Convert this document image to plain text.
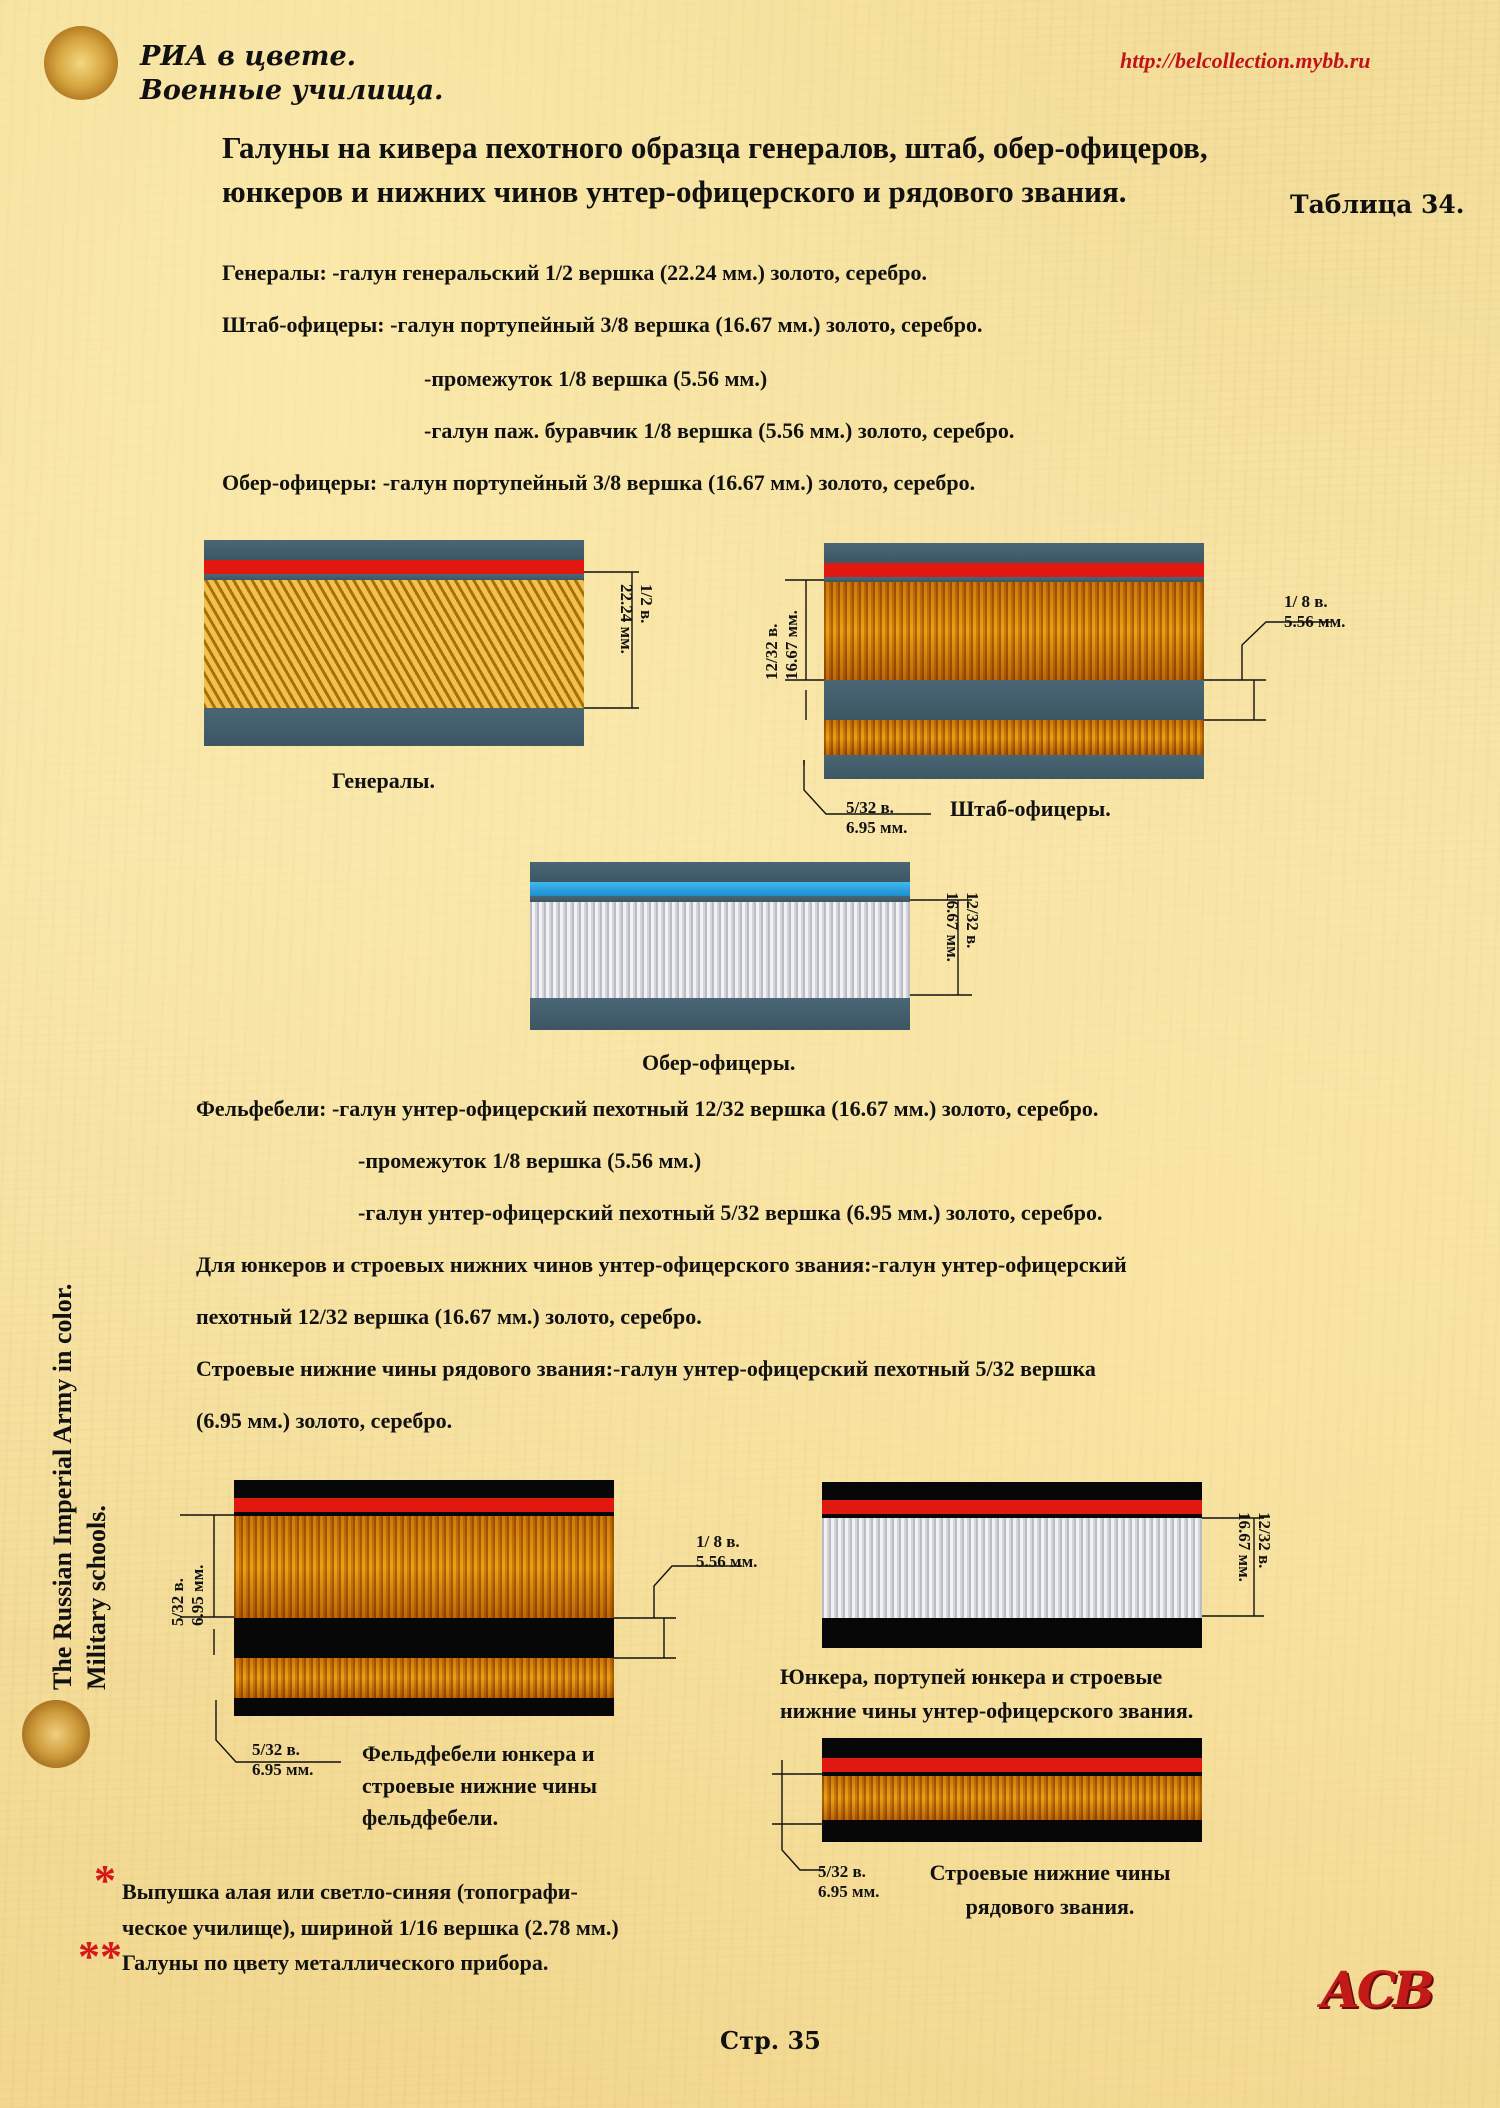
РИА в цвете.
Военные училища.
http://belcollection.mybb.ru
Галуны на кивера пехотного образца генералов, штаб, обер-офицеров,
юнкеров и нижних чинов унтер-офицерского и рядового звания.	Таблица 34.
Генералы: -галун генеральский 1/2 вершка (22.24 мм.) золото, серебро.
Штаб-офицеры: -галун портупейный 3/8 вершка (16.67 мм.) золото, серебро.
-промежуток 1/8 вершка (5.56 мм.)
-галун паж. буравчик 1/8 вершка (5.56 мм.) золото, серебро.
Обер-офицеры: -галун портупейный 3/8 вершка (16.67 мм.) золото, серебро.
1/2 в.
22.24 мм.
Генералы.
12/32 в. 16.67 мм.
1/ 8 в.
5.56 мм.
5/32 в.
6.95 мм.
Штаб-офицеры.
12/32 в.
16.67 мм.
Обер-офицеры.
Фельфебели: -галун унтер-офицерский пехотный 12/32 вершка (16.67 мм.) золото, серебро.
-промежуток 1/8 вершка (5.56 мм.)
-галун унтер-офицерский пехотный 5/32 вершка (6.95 мм.) золото, серебро.
Для юнкеров и строевых нижних чинов унтер-офицерского звания:-галун унтер-офицерский
пехотный 12/32 вершка (16.67 мм.) золото, серебро.
Строевые нижние чины рядового звания:-галун унтер-офицерский пехотный 5/32 вершка
(6.95 мм.) золото, серебро.
The Russian Imperial Army in color. Military schools.	5/32 в. 6.95 мм.
1/ 8 в.
5.56 мм.
5/32 в.
6.95 мм.
Фельдфебели юнкера и
строевые нижние чины
фельдфебели.
12/32 в.
16.67 мм.
Юнкера, портупей юнкера и строевые
нижние чины унтер-офицерского звания.
5/32 в.
6.95 мм.
Строевые нижние чины
рядового звания.
* Выпушка алая или светло-синяя (топографи-
ческое училище), шириной 1/16 вершка (2.78 мм.)
** Галуны по цвету металлического прибора.
Стр. 35
АСВ
